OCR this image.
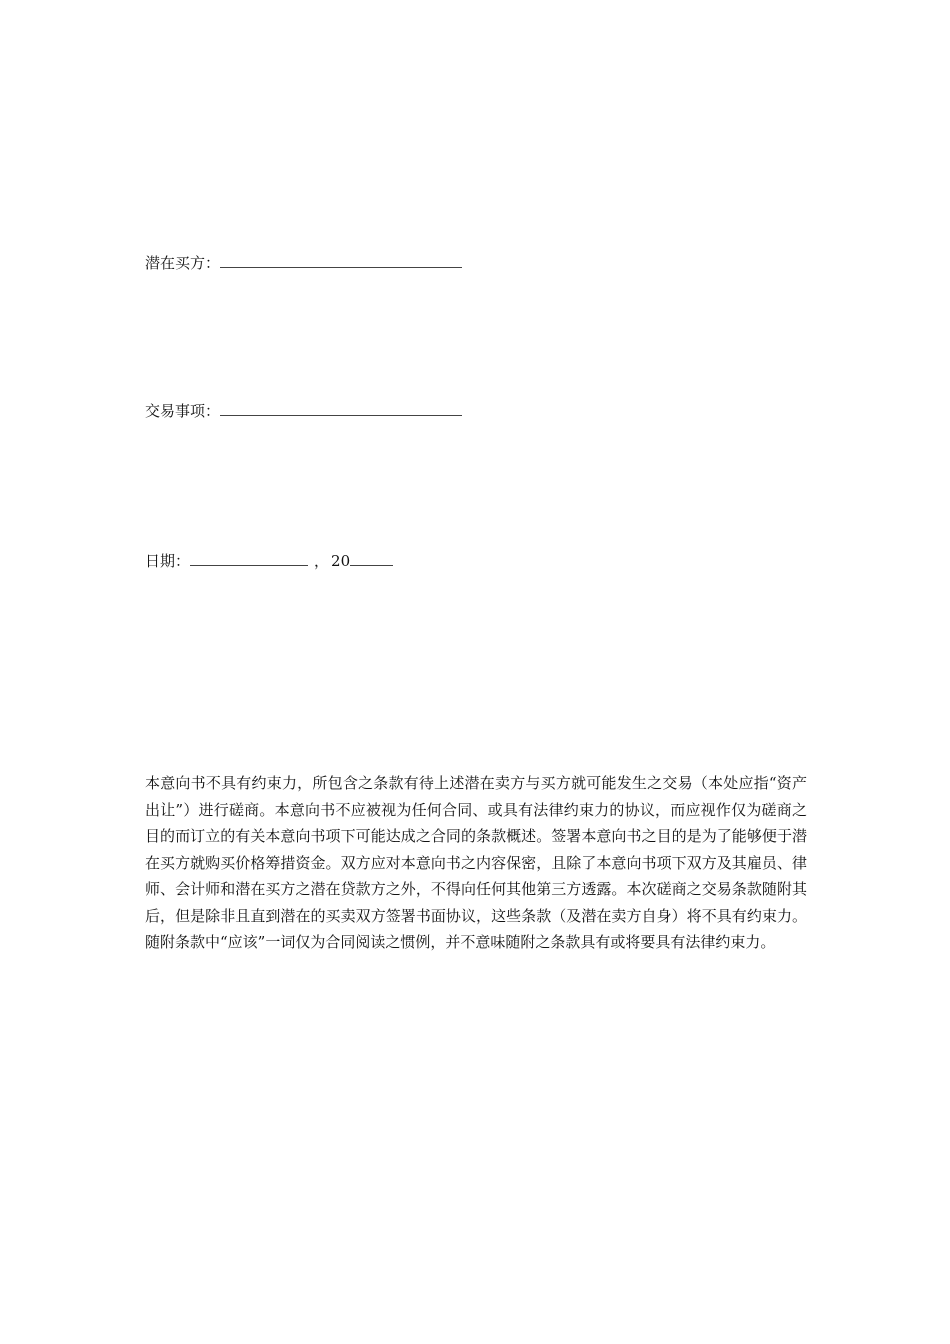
潜在买方：
交易事项：
日期：	， 20

本意向书不具有约束力，所包含之条款有待上述潜在卖方与买方就可能发生之交易（本处应指“资产出让”）进行磋商。本意向书不应被视为任何合同、或具有法律约束力的协议，而应视作仅为磋商之目的而订立的有关本意向书项下可能达成之合同的条款概述。签署本意向书之目的是为了能够便于潜在买方就购买价格筹措资金。双方应对本意向书之内容保密，且除了本意向书项下双方及其雇员、律师、会计师和潜在买方之潜在贷款方之外，不得向任何其他第三方透露。本次磋商之交易条款随附其后，但是除非且直到潜在的买卖双方签署书面协议，这些条款（及潜在卖方自身）将不具有约束力。随附条款中“应该”一词仅为合同阅读之惯例，并不意味随附之条款具有或将要具有法律约束力。
